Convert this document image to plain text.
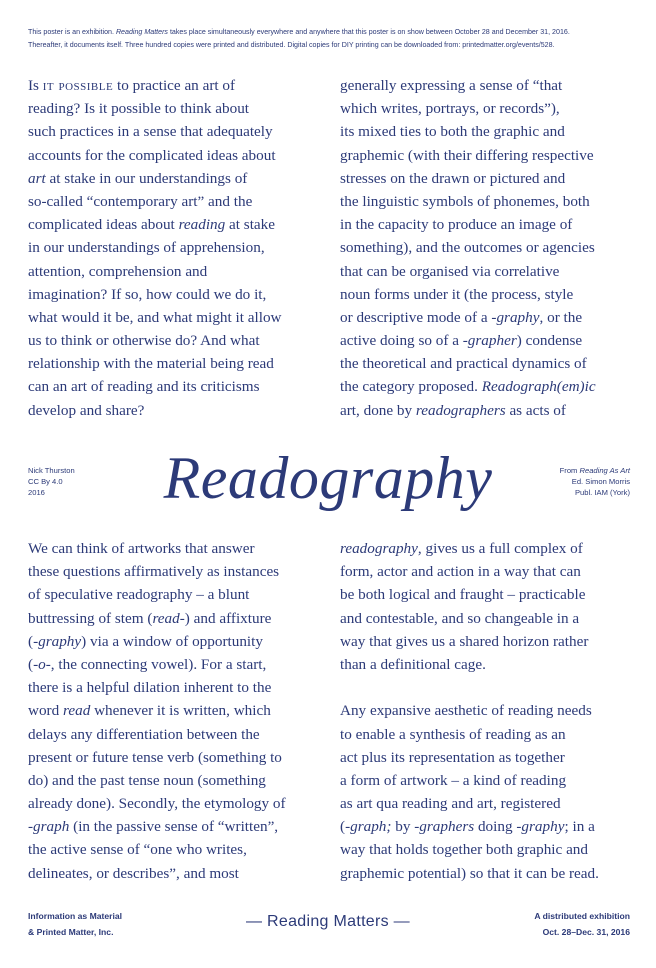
This poster is an exhibition. Reading Matters takes place simultaneously everywhere and anywhere that this poster is on show between October 28 and December 31, 2016.
Thereafter, it documents itself. Three hundred copies were printed and distributed. Digital copies for DIY printing can be downloaded from: printedmatter.org/events/528.
Is it possible to practice an art of
reading? Is it possible to think about
such practices in a sense that adequately
accounts for the complicated ideas about
art at stake in our understandings of
so-called “contemporary art” and the
complicated ideas about reading at stake
in our understandings of apprehension,
attention, comprehension and
imagination? If so, how could we do it,
what would it be, and what might it allow
us to think or otherwise do? And what
relationship with the material being read
can an art of reading and its criticisms
develop and share?
generally expressing a sense of “that
which writes, portrays, or records”),
its mixed ties to both the graphic and
graphemic (with their differing respective
stresses on the drawn or pictured and
the linguistic symbols of phonemes, both
in the capacity to produce an image of
something), and the outcomes or agencies
that can be organised via correlative
noun forms under it (the process, style
or descriptive mode of a -graphy, or the
active doing so of a -grapher) condense
the theoretical and practical dynamics of
the category proposed. Readograph(em)ic
art, done by readographers as acts of
Nick Thurston
CC By 4.0
2016	Readography	From Reading As Art
Ed. Simon Morris
Publ. IAM (York)
We can think of artworks that answer
these questions affirmatively as instances
of speculative readography – a blunt
buttressing of stem (read-) and affixture
(-graphy) via a window of opportunity
(-o-, the connecting vowel). For a start,
there is a helpful dilation inherent to the
word read whenever it is written, which
delays any differentiation between the
present or future tense verb (something to
do) and the past tense noun (something
already done). Secondly, the etymology of
-graph (in the passive sense of “written”,
the active sense of “one who writes,
delineates, or describes”, and most
readography, gives us a full complex of
form, actor and action in a way that can
be both logical and fraught – practicable
and contestable, and so changeable in a
way that gives us a shared horizon rather
than a definitional cage.
Any expansive aesthetic of reading needs
to enable a synthesis of reading as an
act plus its representation as together
a form of artwork – a kind of reading
as art qua reading and art, registered
(-graph; by -graphers doing -graphy; in a
way that holds together both graphic and
graphemic potential) so that it can be read.
Information as Material
& Printed Matter, Inc.
— Reading Matters —	A distributed exhibition
Oct. 28–Dec. 31, 2016
